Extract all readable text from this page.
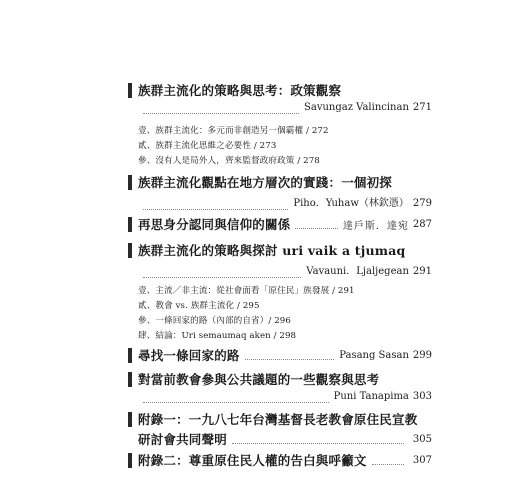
族群主流化的策略與思考：政策觀察
Savungaz Valincinan 271
壹、族群主流化：多元而非創造另一個霸權 / 272
貳、族群主流化思維之必要性 / 273
參、沒有人是局外人，齊來監督政府政策 / 278
族群主流化觀點在地方層次的實踐：一個初探
Piho．Yuhaw（林欽憑） 279
再思身分認同與信仰的關係	達戶斯．達宛 287
族群主流化的策略與探討 uri vaik a tjumaq
Vavauni．Ljaljegean 291
壹、主流／非主流：從社會面看「原住民」族發展 / 291
貳、教會 vs. 族群主流化 / 295
參、一條回家的路（內部的自省）/ 296
肆、結論：Uri semaumaq aken / 298
尋找一條回家的路	Pasang Sasan 299
對當前教會參與公共議題的一些觀察與思考
Puni Tanapima 303
附錄一：一九八七年台灣基督長老教會原住民宣教
研討會共同聲明	305
附錄二：尊重原住民人權的告白與呼籲文	307
